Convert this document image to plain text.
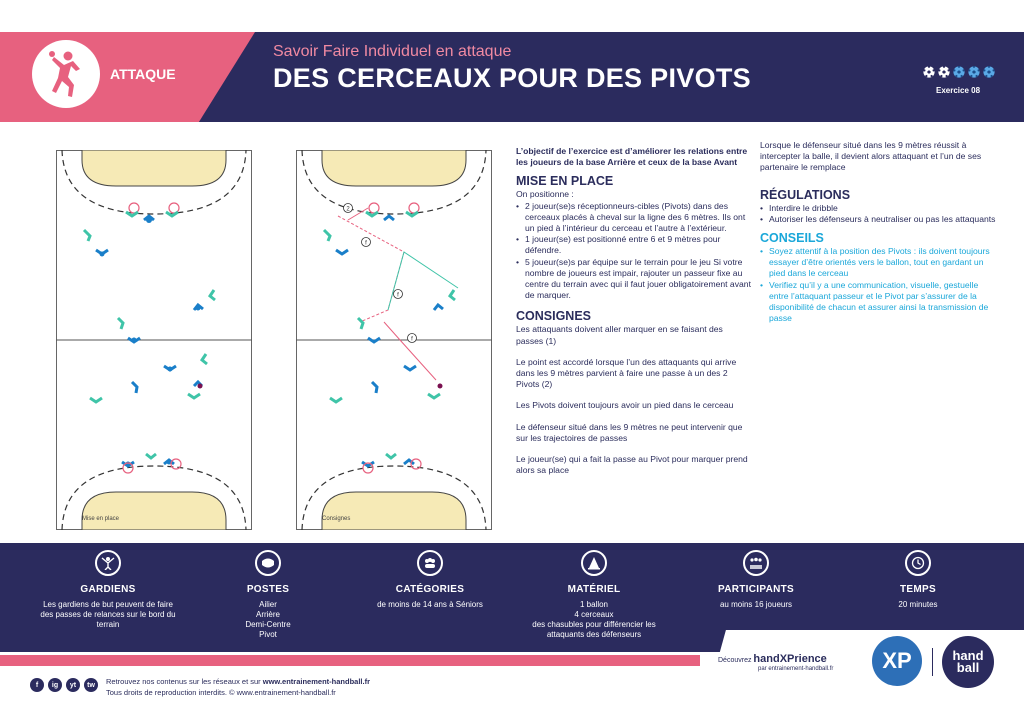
ATTAQUE
Savoir Faire Individuel en attaque
DES CERCEAUX POUR DES PIVOTS	Exercice 08
Mise en place
2
f
f
f
Consignes

L’objectif de l’exercice est d’améliorer les relations entre les joueurs de la base Arrière et ceux de la base Avant

MISE EN PLACE

On positionne :

• 2 joueur(se)s réceptionneurs-cibles (Pivots) dans des cerceaux placés à cheval sur la ligne des 6 mètres. Ils ont un pied à l’intérieur du cerceau et l’autre à l’extérieur.
• 1 joueur(se) est positionné entre 6 et 9 mètres pour défendre.
• 5 joueur(se)s par équipe sur le terrain pour le jeu Si votre nombre de joueurs est impair, rajouter un passeur fixe au centre du terrain avec qui il faut jouer obligatoirement avant de marquer.
CONSIGNES

Les attaquants doivent aller marquer en se faisant des passes (1)

Le point est accordé lorsque l’un des attaquants qui arrive dans les 9 mètres parvient à faire une passe à un des 2 Pivots (2)

Les Pivots doivent toujours avoir un pied dans le cerceau

Le défenseur situé dans les 9 mètres ne peut intervenir que sur les trajectoires de passes

Le joueur(se) qui a fait la passe au Pivot pour marquer prend alors sa place

Lorsque le défenseur situé dans les 9 mètres réussit à intercepter la balle, il devient alors attaquant et l’un de ses partenaire le remplace

RÉGULATIONS
• Interdire le dribble
• Autoriser les défenseurs à neutraliser ou pas les attaquants
CONSEILS
• Soyez attentif à la position des Pivots : ils doivent toujours essayer d’être orientés vers le ballon, tout en gardant un pied dans le cerceau
• Verifiez qu’il y a une communication, visuelle, gestuelle entre l’attaquant passeur et le Pivot par s’assurer de la disponibilité de chacun et assurer ainsi la transmission de passe
GARDIENS
Les gardiens de but peuvent de faire des passes de relances sur le bord du terrain
POSTES
Ailier
Arrière
Demi-Centre
Pivot
CATÉGORIES
de moins de 14 ans à Séniors
MATÉRIEL
1 ballon
4 cerceaux
des chasubles pour différencier les attaquants des défenseurs
PARTICIPANTS
au moins 16 joueurs
TEMPS
20 minutes
Découvrez handXPrience
par entrainement-handball.fr	XP	hand ball
f	ig	yt	tw	Retrouvez nos contenus sur les réseaux et sur www.entrainement-handball.fr
Tous droits de reproduction interdits. © www.entrainement-handball.fr
